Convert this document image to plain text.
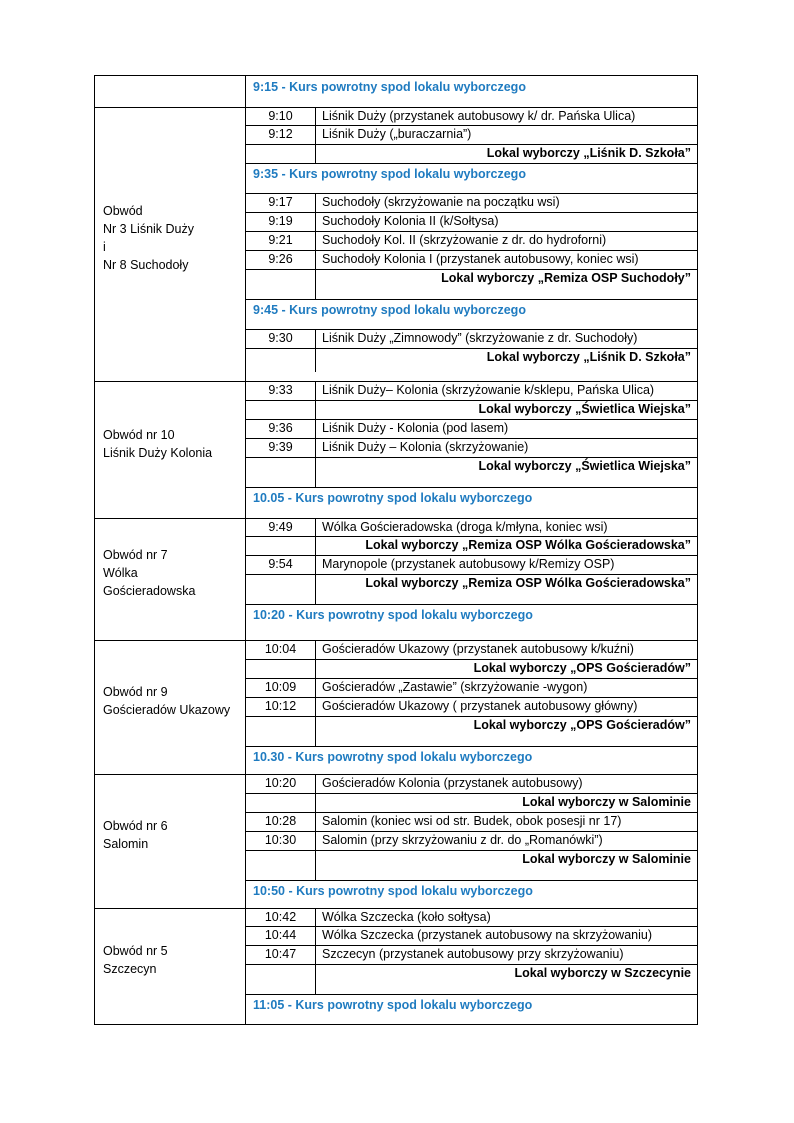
9:15 - Kurs powrotny spod lokalu wyborczego
Obwód
Nr 3 Liśnik Duży
i
Nr 8 Suchodoły
9:10	Liśnik Duży (przystanek autobusowy k/ dr. Pańska Ulica)
9:12	Liśnik Duży („buraczarnia”)
Lokal wyborczy „Liśnik D. Szkoła”
9:35 - Kurs powrotny spod lokalu wyborczego
9:17	Suchodoły (skrzyżowanie na początku wsi)
9:19	Suchodoły Kolonia II (k/Sołtysa)
9:21	Suchodoły Kol. II (skrzyżowanie z dr. do hydroforni)
9:26	Suchodoły Kolonia I (przystanek autobusowy, koniec wsi)
Lokal wyborczy „Remiza OSP Suchodoły”
9:45 - Kurs powrotny spod lokalu wyborczego
9:30	Liśnik Duży „Zimnowody” (skrzyżowanie z dr. Suchodoły)
Lokal wyborczy „Liśnik D. Szkoła”
Obwód nr 10
Liśnik Duży Kolonia
9:33	Liśnik Duży– Kolonia (skrzyżowanie k/sklepu, Pańska Ulica)
Lokal wyborczy „Świetlica Wiejska”
9:36	Liśnik Duży - Kolonia (pod lasem)
9:39	Liśnik Duży – Kolonia (skrzyżowanie)
Lokal wyborczy „Świetlica Wiejska”
10.05 - Kurs powrotny spod lokalu wyborczego
Obwód nr 7
Wólka
Gościeradowska
9:49	Wólka Gościeradowska (droga k/młyna, koniec wsi)
Lokal wyborczy „Remiza OSP Wólka Gościeradowska”
9:54	Marynopole (przystanek autobusowy k/Remizy OSP)
Lokal wyborczy „Remiza OSP Wólka Gościeradowska”
10:20 - Kurs powrotny spod lokalu wyborczego
Obwód nr 9
Gościeradów Ukazowy
10:04	Gościeradów Ukazowy (przystanek autobusowy k/kuźni)
Lokal wyborczy „OPS Gościeradów”
10:09	Gościeradów „Zastawie” (skrzyżowanie -wygon)
10:12	Gościeradów Ukazowy ( przystanek autobusowy główny)
Lokal wyborczy „OPS Gościeradów”
10.30 - Kurs powrotny spod lokalu wyborczego
Obwód nr 6
Salomin
10:20	Gościeradów Kolonia (przystanek autobusowy)
Lokal wyborczy w Salominie
10:28	Salomin (koniec wsi od str. Budek, obok posesji nr 17)
10:30	Salomin (przy skrzyżowaniu z dr. do „Romanówki”)
Lokal wyborczy w Salominie
10:50 - Kurs powrotny spod lokalu wyborczego
Obwód nr 5
Szczecyn
10:42	Wólka Szczecka (koło sołtysa)
10:44	Wólka Szczecka (przystanek autobusowy na skrzyżowaniu)
10:47	Szczecyn (przystanek autobusowy przy skrzyżowaniu)
Lokal wyborczy w Szczecynie
11:05 - Kurs powrotny spod lokalu wyborczego
